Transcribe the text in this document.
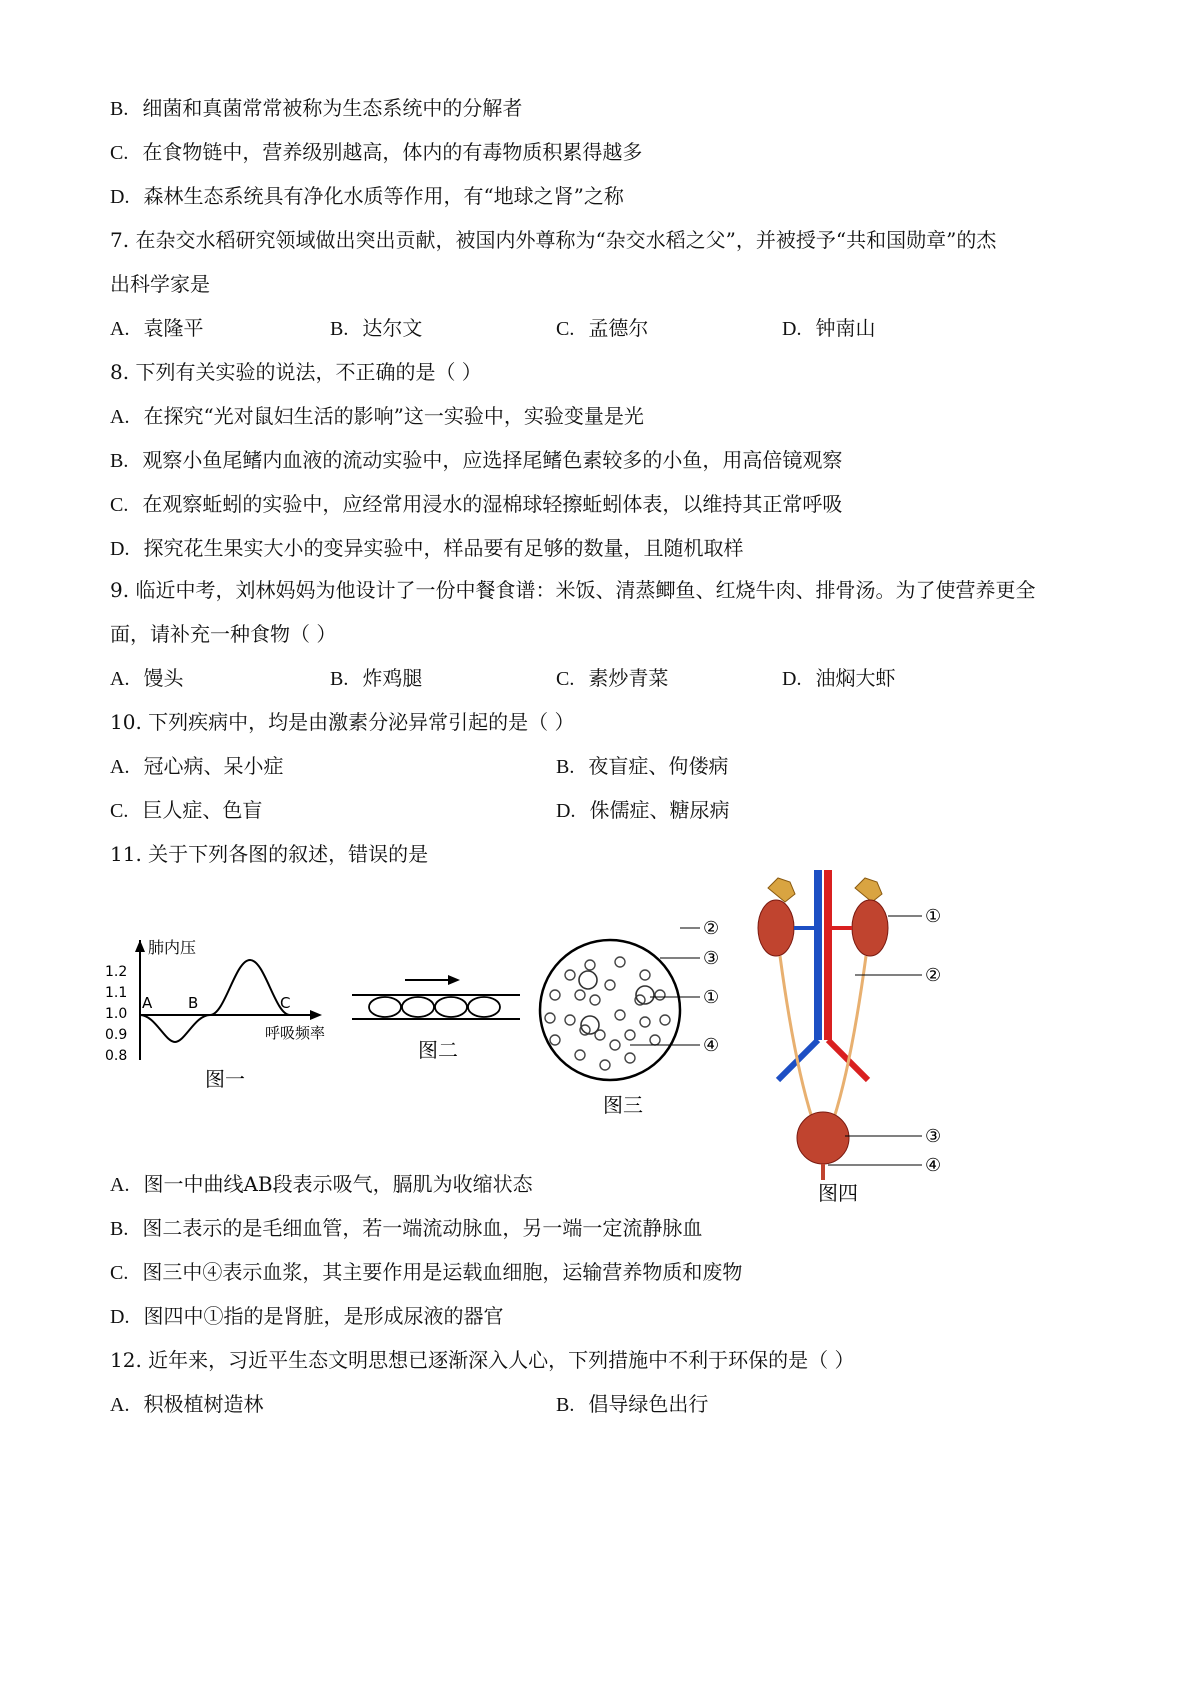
B. 细菌和真菌常常被称为生态系统中的分解者
C. 在食物链中，营养级别越高，体内的有毒物质积累得越多
D. 森林生态系统具有净化水质等作用，有“地球之肾”之称
7. 在杂交水稻研究领域做出突出贡献，被国内外尊称为“杂交水稻之父”，并被授予“共和国勋章”的杰
出科学家是
A. 袁隆平	B. 达尔文	C. 孟德尔	D. 钟南山
8. 下列有关实验的说法，不正确的是（ ）
A. 在探究“光对鼠妇生活的影响”这一实验中，实验变量是光
B. 观察小鱼尾鳍内血液的流动实验中，应选择尾鳍色素较多的小鱼，用高倍镜观察
C. 在观察蚯蚓的实验中，应经常用浸水的湿棉球轻擦蚯蚓体表，以维持其正常呼吸
D. 探究花生果实大小的变异实验中，样品要有足够的数量，且随机取样
9. 临近中考，刘林妈妈为他设计了一份中餐食谱：米饭、清蒸鲫鱼、红烧牛肉、排骨汤。为了使营养更全
面，请补充一种食物（ ）
A. 馒头	B. 炸鸡腿	C. 素炒青菜	D. 油焖大虾
10. 下列疾病中，均是由激素分泌异常引起的是（ ）
A. 冠心病、呆小症	B. 夜盲症、佝偻病
C. 巨人症、色盲	D. 侏儒症、糖尿病
11. 关于下列各图的叙述，错误的是
肺内压
1.2
1.1
1.0
0.9
0.8
A B	C
呼吸频率
图一
图二
②
③
①
④
图三
①
②
③
④
图四
A. 图一中曲线AB段表示吸气，膈肌为收缩状态
B. 图二表示的是毛细血管，若一端流动脉血，另一端一定流静脉血
C. 图三中④表示血浆，其主要作用是运载血细胞，运输营养物质和废物
D. 图四中①指的是肾脏，是形成尿液的器官
12. 近年来，习近平生态文明思想已逐渐深入人心，下列措施中不利于环保的是（ ）
A. 积极植树造林	B. 倡导绿色出行
